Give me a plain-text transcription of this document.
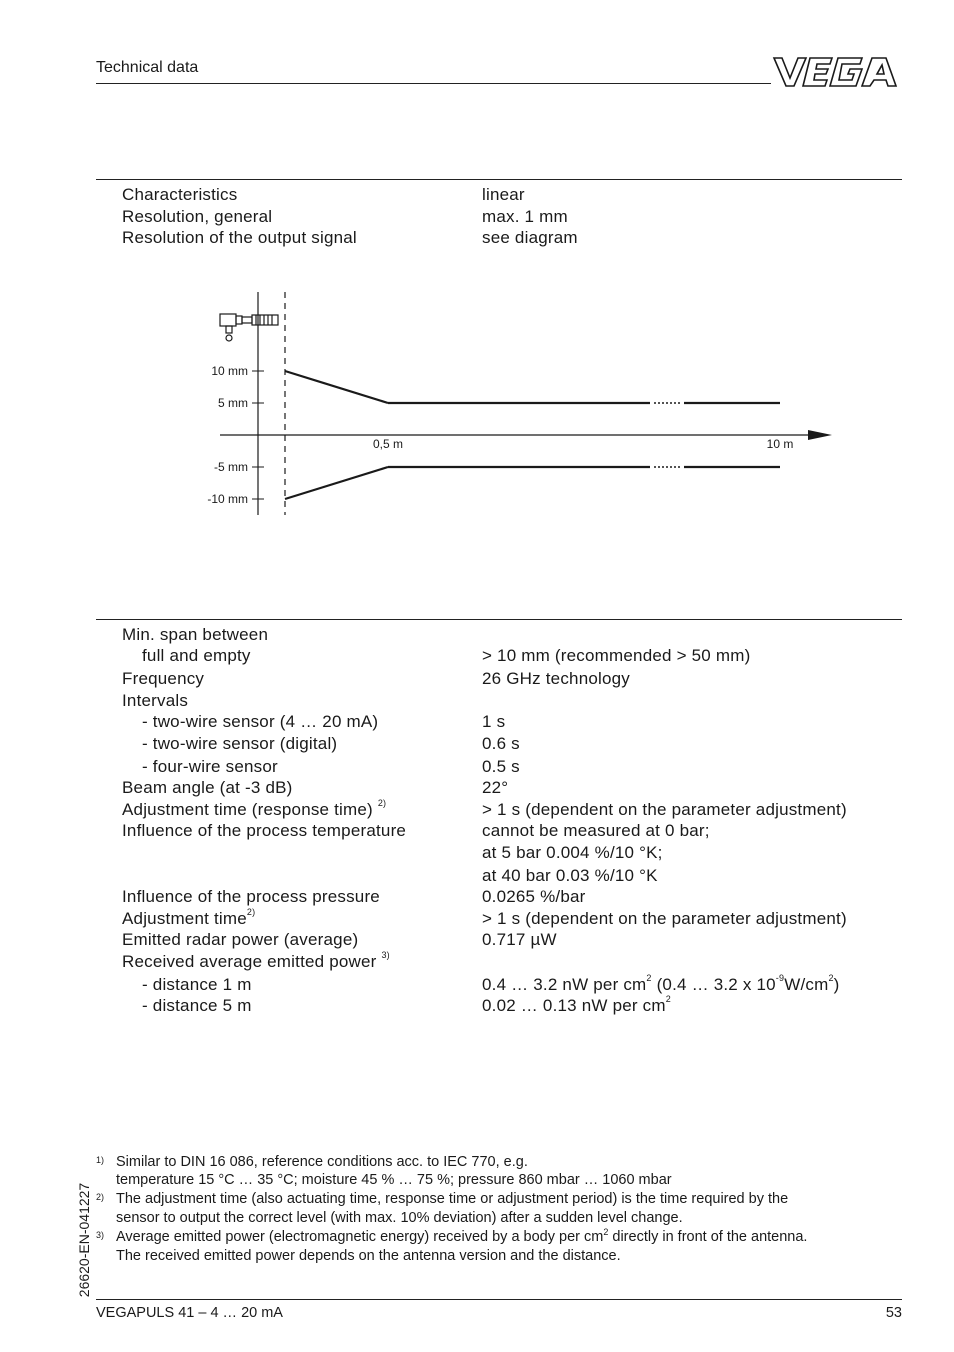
Technical data
Characteristics	linear
Resolution, general	max. 1 mm
Resolution of the output signal	see diagram
10 mm
5 mm
-5 mm
-10 mm
0,5 m	10 m
Min. span between
full and empty	> 10 mm (recommended > 50 mm)
Frequency	26 GHz technology
Intervals
- two-wire sensor (4 … 20 mA)	1 s
- two-wire sensor (digital)	0.6 s
- four-wire sensor	0.5 s
Beam angle (at -3 dB)	22°
Adjustment time (response time) $^{2)}$	> 1 s (dependent on the parameter adjustment)
Influence of the process temperature	cannot be measured at 0 bar;
at 5 bar 0.004 %/10 °K;
at 40 bar 0.03 %/10 °K
Influence of the process pressure	0.0265 %/bar
Adjustment time$^{2)}$	> 1 s (dependent on the parameter adjustment)
Emitted radar power (average)	0.717 µW
Received average emitted power $^{3)}$
- distance 1 m	0.4 … 3.2 nW per $cm^2$ (0.4 … 3.2 x $10^{-9}W/cm^2$)
- distance 5 m	0.02 … 0.13 nW per $cm^2$
1) Similar to DIN 16 086, reference conditions acc. to IEC 770, e.g.
temperature 15 °C … 35 °C; moisture 45 % … 75 %; pressure 860 mbar … 1060 mbar
2) The adjustment time (also actuating time, response time or adjustment period) is the time required by the
sensor to output the correct level (with max. 10% deviation) after a sudden level change.
3) Average emitted power (electromagnetic energy) received by a body per $cm^2$ directly in front of the antenna.
The received emitted power depends on the antenna version and the distance.
26620-EN-041227
VEGAPULS 41 – 4 … 20 mA	53
